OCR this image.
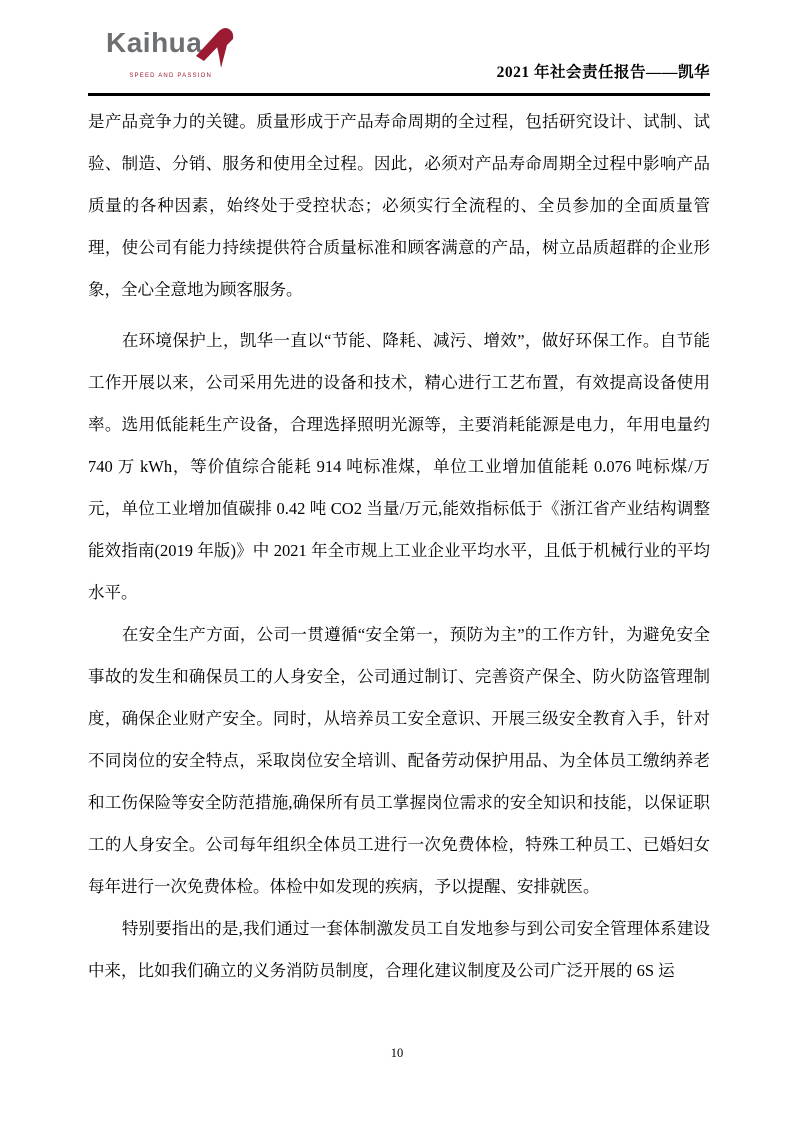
Kaihua
SPEED AND PASSION	2021 年社会责任报告——凯华

是产品竞争力的关键。质量形成于产品寿命周期的全过程，包括研究设计、试制、试验、制造、分销、服务和使用全过程。因此，必须对产品寿命周期全过程中影响产品质量的各种因素，始终处于受控状态；必须实行全流程的、全员参加的全面质量管理，使公司有能力持续提供符合质量标准和顾客满意的产品，树立品质超群的企业形象，全心全意地为顾客服务。

在环境保护上，凯华一直以“节能、降耗、减污、增效”，做好环保工作。自节能工作开展以来，公司采用先进的设备和技术，精心进行工艺布置，有效提高设备使用率。选用低能耗生产设备，合理选择照明光源等，主要消耗能源是电力，年用电量约 740 万 kWh，等价值综合能耗 914 吨标准煤，单位工业增加值能耗 0.076 吨标煤/万元，单位工业增加值碳排 0.42 吨 CO2 当量/万元,能效指标低于《浙江省产业结构调整能效指南(2019 年版)》中 2021 年全市规上工业企业平均水平，且低于机械行业的平均水平。

在安全生产方面，公司一贯遵循“安全第一，预防为主”的工作方针，为避免安全事故的发生和确保员工的人身安全，公司通过制订、完善资产保全、防火防盗管理制度，确保企业财产安全。同时，从培养员工安全意识、开展三级安全教育入手，针对不同岗位的安全特点，采取岗位安全培训、配备劳动保护用品、为全体员工缴纳养老和工伤保险等安全防范措施,确保所有员工掌握岗位需求的安全知识和技能，以保证职工的人身安全。公司每年组织全体员工进行一次免费体检，特殊工种员工、已婚妇女每年进行一次免费体检。体检中如发现的疾病，予以提醒、安排就医。

特别要指出的是,我们通过一套体制激发员工自发地参与到公司安全管理体系建设中来，比如我们确立的义务消防员制度，合理化建议制度及公司广泛开展的 6S 运

10
